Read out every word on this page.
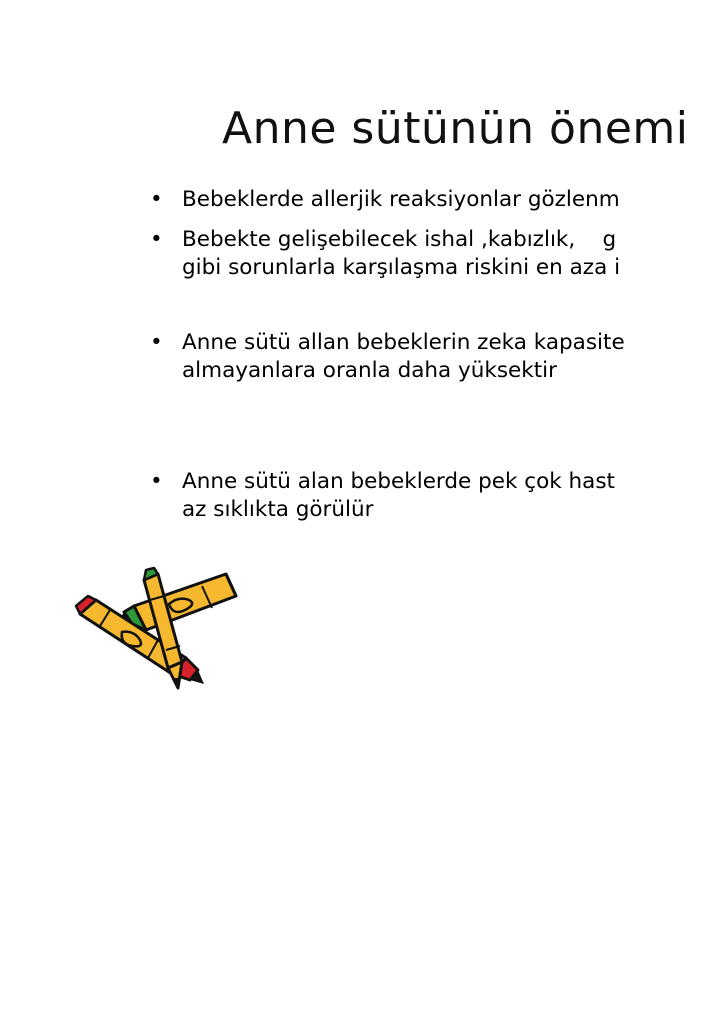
Anne sütünün önemi
• Bebeklerde allerjik reaksiyonlar gözlenm
• Bebekte gelişebilecek ishal ,kabızlık,    g
gibi sorunlarla karşılaşma riskini en aza i
• Anne sütü allan bebeklerin zeka kapasite
almayanlara oranla daha yüksektir
• Anne sütü alan bebeklerde pek çok hast
az sıklıkta görülür
